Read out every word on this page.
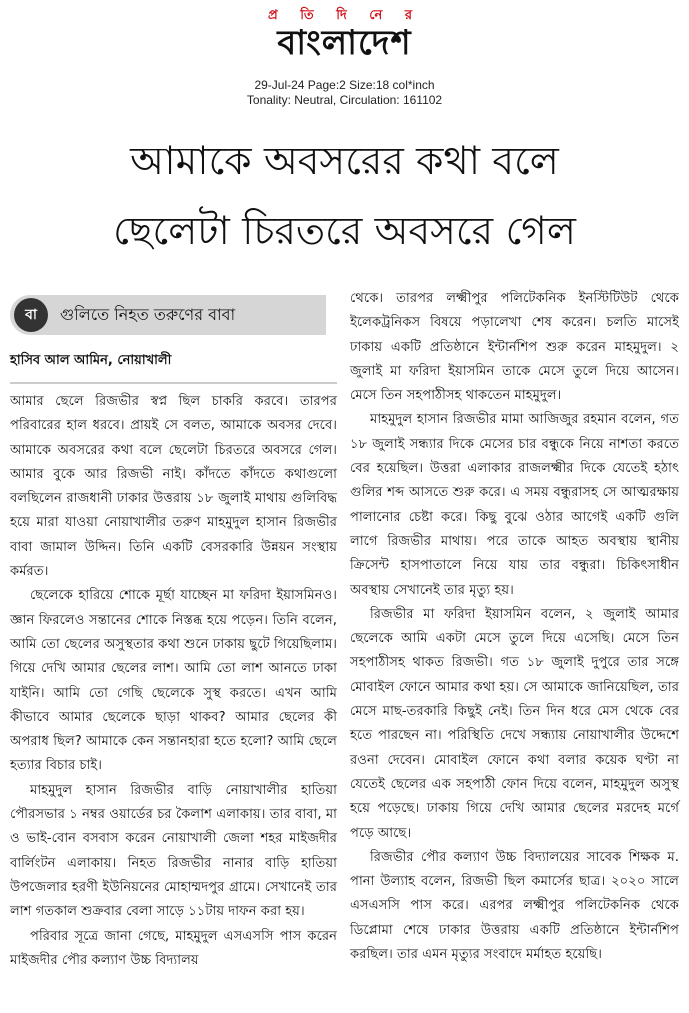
প্র তি দি নে র
বাংলাদেশ
29-Jul-24 Page:2 Size:18 col*inch
Tonality: Neutral, Circulation: 161102
আমাকে অবসরের কথা বলে
ছেলেটা চিরতরে অবসরে গেল
বা	গুলিতে নিহত তরুণের বাবা
হাসিব আল আমিন, নোয়াখালী

আমার ছেলে রিজভীর স্বপ্ন ছিল চাকরি করবে। তারপর পরিবারের হাল ধরবে। প্রায়ই সে বলত, আমাকে অবসর দেবে। আমাকে অবসরের কথা বলে ছেলেটা চিরতরে অবসরে গেল। আমার বুকে আর রিজভী নাই। কাঁদতে কাঁদতে কথাগুলো বলছিলেন রাজধানী ঢাকার উত্তরায় ১৮ জুলাই মাথায় গুলিবিদ্ধ হয়ে মারা যাওয়া নোয়াখালীর তরুণ মাহমুদুল হাসান রিজভীর বাবা জামাল উদ্দিন। তিনি একটি বেসরকারি উন্নয়ন সংস্থায় কর্মরত।
ছেলেকে হারিয়ে শোকে মূর্ছা যাচ্ছেন মা ফরিদা ইয়াসমিনও। জ্ঞান ফিরলেও সন্তানের শোকে নিস্তব্ধ হয়ে পড়েন। তিনি বলেন, আমি তো ছেলের অসুস্থতার কথা শুনে ঢাকায় ছুটে গিয়েছিলাম। গিয়ে দেখি আমার ছেলের লাশ। আমি তো লাশ আনতে ঢাকা যাইনি। আমি তো গেছি ছেলেকে সুস্থ করতে। এখন আমি কীভাবে আমার ছেলেকে ছাড়া থাকব? আমার ছেলের কী অপরাধ ছিল? আমাকে কেন সন্তানহারা হতে হলো? আমি ছেলে হত্যার বিচার চাই।
মাহমুদুল হাসান রিজভীর বাড়ি নোয়াখালীর হাতিয়া পৌরসভার ১ নম্বর ওয়ার্ডের চর কৈলাশ এলাকায়। তার বাবা, মা ও ভাই-বোন বসবাস করেন নোয়াখালী জেলা শহর মাইজদীর বার্লিংটন এলাকায়। নিহত রিজভীর নানার বাড়ি হাতিয়া উপজেলার হরণী ইউনিয়নের মোহাম্মদপুর গ্রামে। সেখানেই তার লাশ গতকাল শুক্রবার বেলা সাড়ে ১১টায় দাফন করা হয়।
পরিবার সূত্রে জানা গেছে, মাহমুদুল এসএসসি পাস করেন মাইজদীর পৌর কল্যাণ উচ্চ বিদ্যালয়

থেকে। তারপর লক্ষ্মীপুর পলিটেকনিক ইনস্টিটিউট থেকে ইলেকট্রনিকস বিষয়ে পড়ালেখা শেষ করেন। চলতি মাসেই ঢাকায় একটি প্রতিষ্ঠানে ইন্টার্নশিপ শুরু করেন মাহমুদুল। ২ জুলাই মা ফরিদা ইয়াসমিন তাকে মেসে তুলে দিয়ে আসেন। মেসে তিন সহপাঠীসহ থাকতেন মাহমুদুল।
মাহমুদুল হাসান রিজভীর মামা আজিজুর রহমান বলেন, গত ১৮ জুলাই সন্ধ্যার দিকে মেসের চার বন্ধুকে নিয়ে নাশতা করতে বের হয়েছিল। উত্তরা এলাকার রাজলক্ষ্মীর দিকে যেতেই হঠাৎ গুলির শব্দ আসতে শুরু করে। এ সময় বন্ধুরাসহ সে আত্মরক্ষায় পালানোর চেষ্টা করে। কিছু বুঝে ওঠার আগেই একটি গুলি লাগে রিজভীর মাথায়। পরে তাকে আহত অবস্থায় স্থানীয় ক্রিসেন্ট হাসপাতালে নিয়ে যায় তার বন্ধুরা। চিকিৎসাধীন অবস্থায় সেখানেই তার মৃত্যু হয়।
রিজভীর মা ফরিদা ইয়াসমিন বলেন, ২ জুলাই আমার ছেলেকে আমি একটা মেসে তুলে দিয়ে এসেছি। মেসে তিন সহপাঠীসহ থাকত রিজভী। গত ১৮ জুলাই দুপুরে তার সঙ্গে মোবাইল ফোনে আমার কথা হয়। সে আমাকে জানিয়েছিল, তার মেসে মাছ-তরকারি কিছুই নেই। তিন দিন ধরে মেস থেকে বের হতে পারছেন না। পরিস্থিতি দেখে সন্ধ্যায় নোয়াখালীর উদ্দেশে রওনা দেবেন। মোবাইল ফোনে কথা বলার কয়েক ঘণ্টা না যেতেই ছেলের এক সহপাঠী ফোন দিয়ে বলেন, মাহমুদুল অসুস্থ হয়ে পড়েছে। ঢাকায় গিয়ে দেখি আমার ছেলের মরদেহ মর্গে পড়ে আছে।
রিজভীর পৌর কল্যাণ উচ্চ বিদ্যালয়ের সাবেক শিক্ষক ম. পানা উল্যাহ বলেন, রিজভী ছিল কমার্সের ছাত্র। ২০২০ সালে এসএসসি পাস করে। এরপর লক্ষ্মীপুর পলিটেকনিক থেকে ডিপ্লোমা শেষে ঢাকার উত্তরায় একটি প্রতিষ্ঠানে ইন্টার্নশিপ করছিল। তার এমন মৃত্যুর সংবাদে মর্মাহত হয়েছি।
